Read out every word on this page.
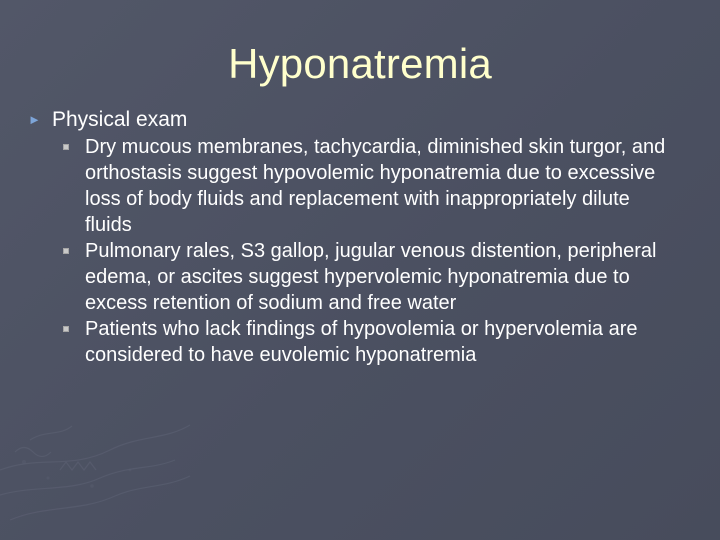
Hyponatremia
► Physical exam
Dry mucous membranes, tachycardia, diminished skin turgor, and orthostasis suggest hypovolemic hyponatremia due to excessive loss of body fluids and replacement with inappropriately dilute fluids
Pulmonary rales, S3 gallop, jugular venous distention, peripheral edema, or ascites suggest hypervolemic hyponatremia due to excess retention of sodium and free water
Patients who lack findings of hypovolemia or hypervolemia are considered to have euvolemic hyponatremia
